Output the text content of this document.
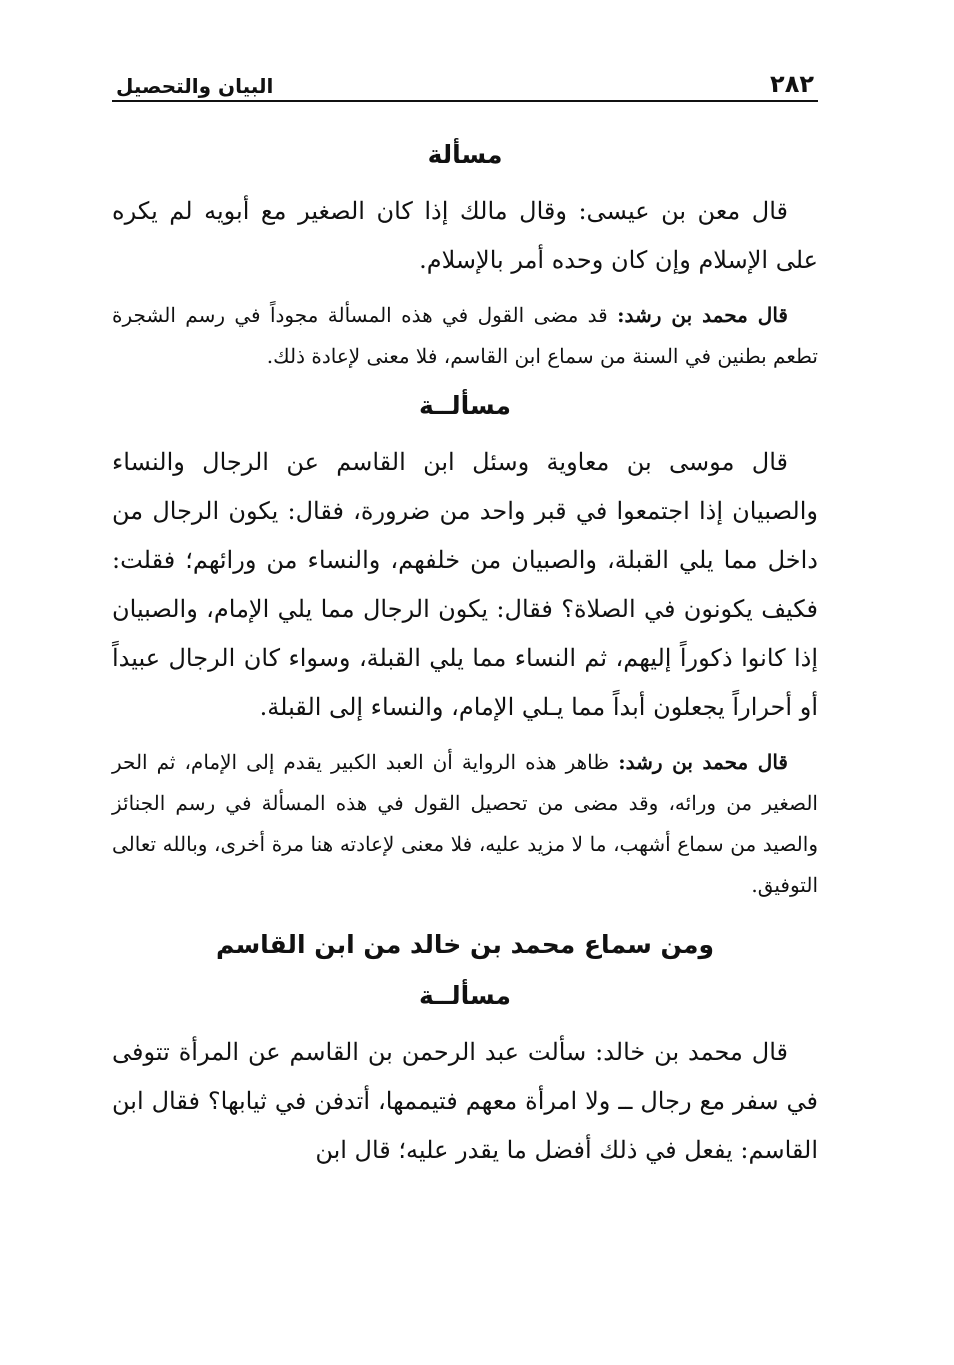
٢٨٢
البيان والتحصيل
مسألة

قال معن بن عيسى: وقال مالك إذا كان الصغير مع أبويه لم يكره على الإسلام وإن كان وحده أمر بالإسلام.

قال محمد بن رشد: قد مضى القول في هذه المسألة مجوداً في رسم الشجرة تطعم بطنين في السنة من سماع ابن القاسم، فلا معنى لإعادة ذلك.

مسألــة

قال موسى بن معاوية وسئل ابن القاسم عن الرجال والنساء والصبيان إذا اجتمعوا في قبر واحد من ضرورة، فقال: يكون الرجال من داخل مما يلي القبلة، والصبيان من خلفهم، والنساء من ورائهم؛ فقلت: فكيف يكونون في الصلاة؟ فقال: يكون الرجال مما يلي الإمام، والصبيان إذا كانوا ذكوراً إليهم، ثم النساء مما يلي القبلة، وسواء كان الرجال عبيداً أو أحراراً يجعلون أبداً مما يـلي الإمام، والنساء إلى القبلة.

قال محمد بن رشد: ظاهر هذه الرواية أن العبد الكبير يقدم إلى الإمام، ثم الحر الصغير من ورائه، وقد مضى من تحصيل القول في هذه المسألة في رسم الجنائز والصيد من سماع أشهب، ما لا مزيد عليه، فلا معنى لإعادته هنا مرة أخرى، وبالله تعالى التوفيق.

ومن سماع محمد بن خالد من ابن القاسم
مسألــة

قال محمد بن خالد: سألت عبد الرحمن بن القاسم عن المرأة تتوفى في سفر مع رجال ــ ولا امرأة معهم فتيممها، أتدفن في ثيابها؟ فقال ابن القاسم: يفعل في ذلك أفضل ما يقدر عليه؛ قال ابن
